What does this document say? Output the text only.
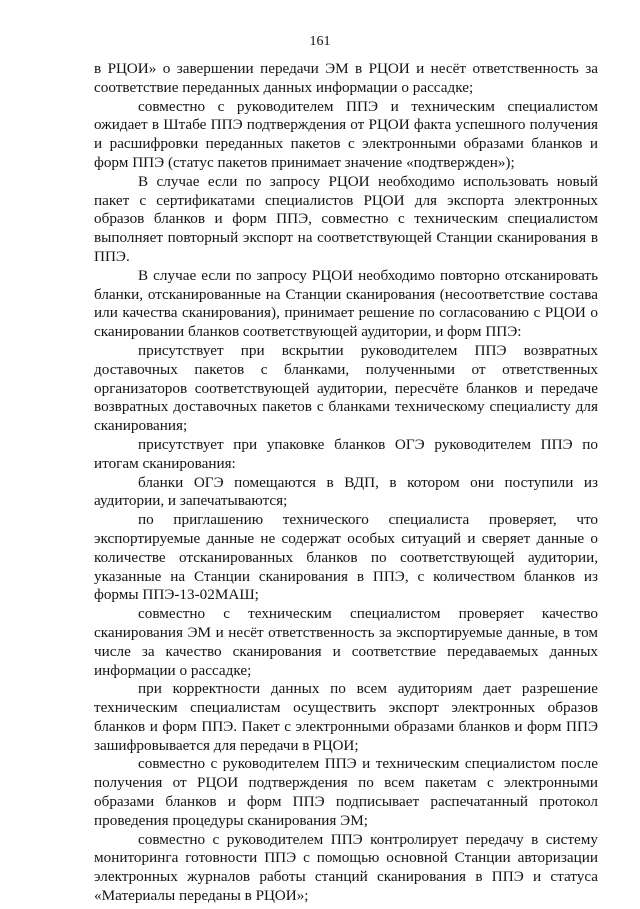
161

в РЦОИ» о завершении передачи ЭМ в РЦОИ и несёт ответственность за соответствие переданных данных информации о рассадке;

совместно с руководителем ППЭ и техническим специалистом ожидает в Штабе ППЭ подтверждения от РЦОИ факта успешного получения и расшифровки переданных пакетов с электронными образами бланков и форм ППЭ (статус пакетов принимает значение «подтвержден»);

В случае если по запросу РЦОИ необходимо использовать новый пакет с сертификатами специалистов РЦОИ для экспорта электронных образов бланков и форм ППЭ, совместно с техническим специалистом выполняет повторный экспорт на соответствующей Станции сканирования в ППЭ.

В случае если по запросу РЦОИ необходимо повторно отсканировать бланки, отсканированные на Станции сканирования (несоответствие состава или качества сканирования), принимает решение по согласованию с РЦОИ о сканировании бланков соответствующей аудитории, и форм ППЭ:

присутствует при вскрытии руководителем ППЭ возвратных доставочных пакетов с бланками, полученными от ответственных организаторов соответствующей аудитории, пересчёте бланков и передаче возвратных доставочных пакетов с бланками техническому специалисту для сканирования;

присутствует при упаковке бланков ОГЭ руководителем ППЭ по итогам сканирования:

бланки ОГЭ помещаются в ВДП, в котором они поступили из аудитории, и запечатываются;

по приглашению технического специалиста проверяет, что экспортируемые данные не содержат особых ситуаций и сверяет данные о количестве отсканированных бланков по соответствующей аудитории, указанные на Станции сканирования в ППЭ, с количеством бланков из формы ППЭ-13-02МАШ;

совместно с техническим специалистом проверяет качество сканирования ЭМ и несёт ответственность за экспортируемые данные, в том числе за качество сканирования и соответствие передаваемых данных информации о рассадке;

при корректности данных по всем аудиториям дает разрешение техническим специалистам осуществить экспорт электронных образов бланков и форм ППЭ. Пакет с электронными образами бланков и форм ППЭ зашифровывается для передачи в РЦОИ;

совместно с руководителем ППЭ и техническим специалистом после получения от РЦОИ подтверждения по всем пакетам с электронными образами бланков и форм ППЭ подписывает распечатанный протокол проведения процедуры сканирования ЭМ;

совместно с руководителем ППЭ контролирует передачу в систему мониторинга готовности ППЭ с помощью основной Станции авторизации электронных журналов работы станций сканирования в ППЭ и статуса «Материалы переданы в РЦОИ»;
